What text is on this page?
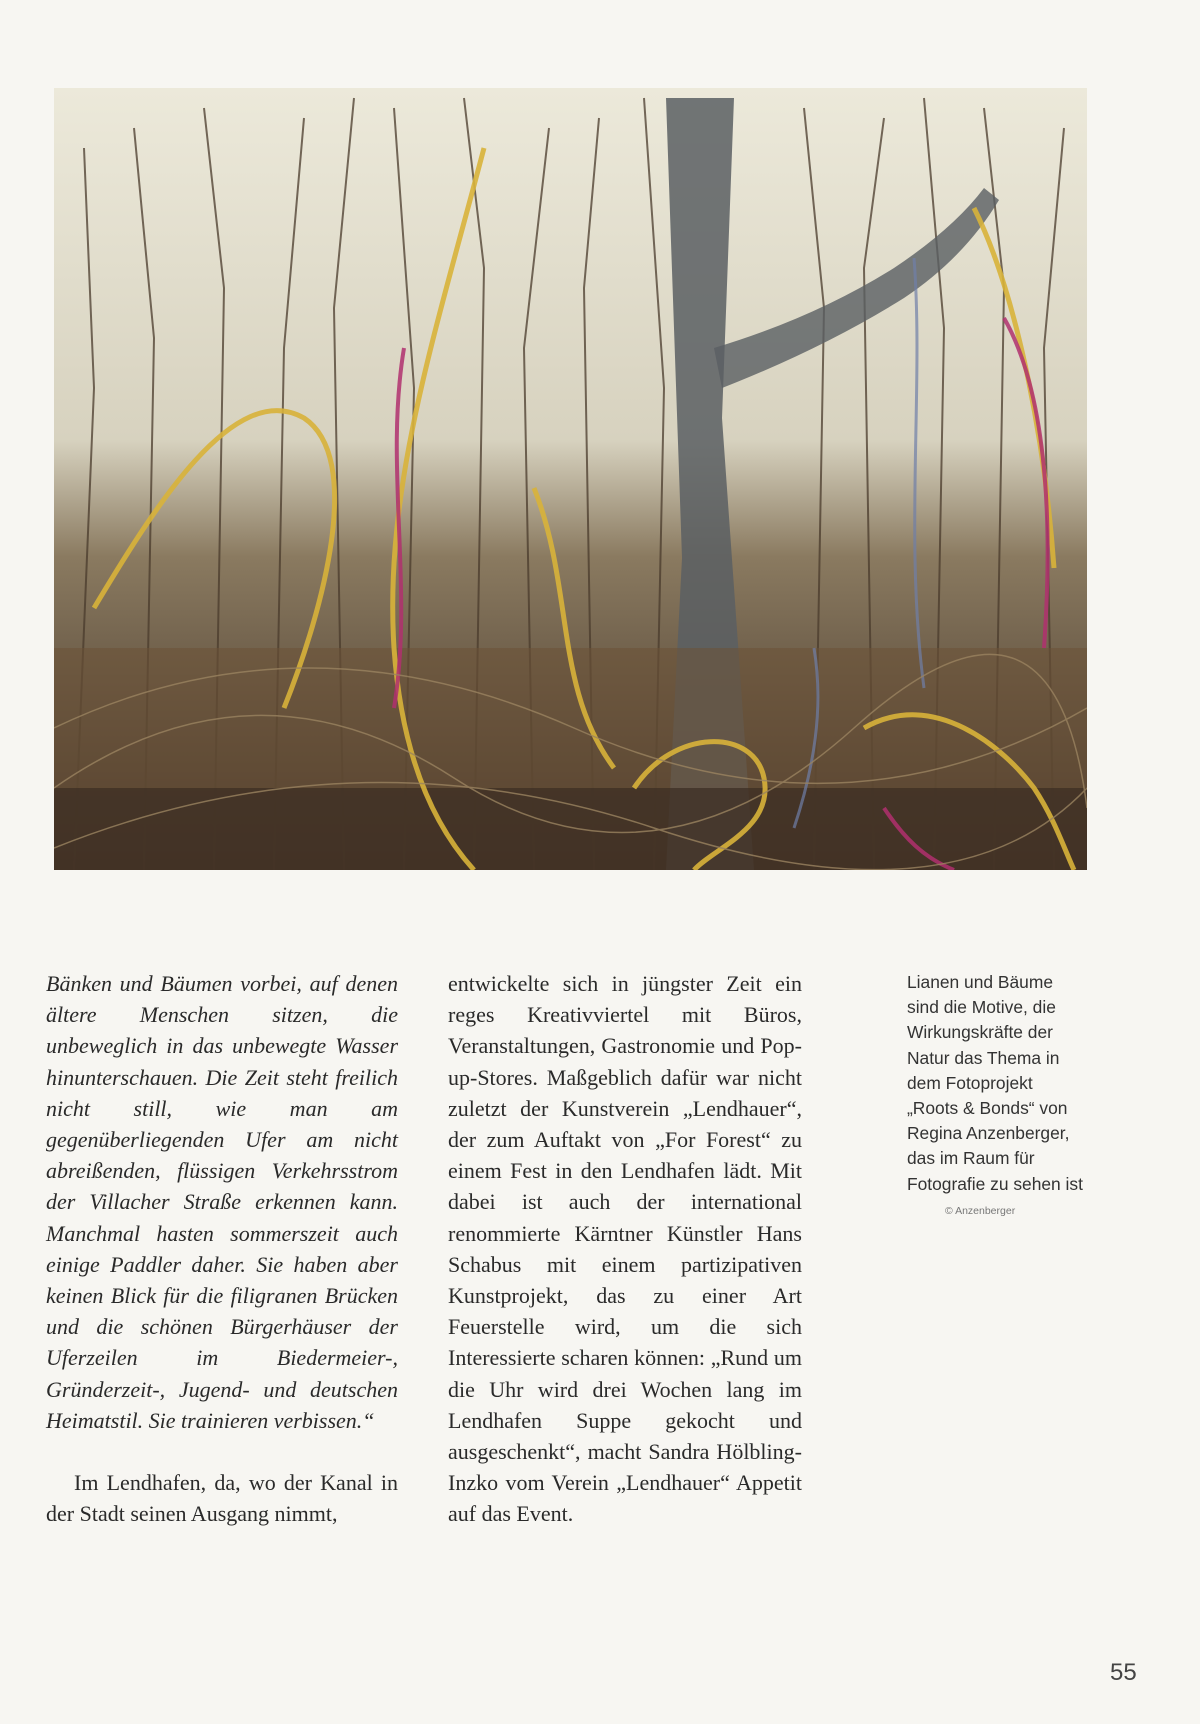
Bänken und Bäumen vorbei, auf denen ältere Menschen sitzen, die unbeweglich in das unbewegte Wasser hinunterschauen. Die Zeit steht freilich nicht still, wie man am gegenüberliegenden Ufer am nicht abreißenden, flüssigen Verkehrsstrom der Villacher Straße erkennen kann. Manchmal hasten sommerszeit auch einige Paddler daher. Sie haben aber keinen Blick für die filigranen Brücken und die schönen Bürgerhäuser der Uferzeilen im Biedermeier-, Gründerzeit-, Jugend- und deutschen Heimatstil. Sie trainieren verbissen.“

Im Lendhafen, da, wo der Kanal in der Stadt seinen Ausgang nimmt,

entwickelte sich in jüngster Zeit ein reges Kreativviertel mit Büros, Veranstaltungen, Gastronomie und Pop-up-Stores. Maßgeblich dafür war nicht zuletzt der Kunstverein „Lendhauer“, der zum Auftakt von „For Forest“ zu einem Fest in den Lendhafen lädt. Mit dabei ist auch der international renommierte Kärntner Künstler Hans Schabus mit einem partizipativen Kunstprojekt, das zu einer Art Feuerstelle wird, um die sich Interessierte scharen können: „Rund um die Uhr wird drei Wochen lang im Lendhafen Suppe gekocht und ausgeschenkt“, macht Sandra Hölbling-Inzko vom Verein „Lendhauer“ Appetit auf das Event.

Lianen und Bäume sind die Motive, die Wirkungskräfte der Natur das Thema in dem Fotoprojekt „Roots & Bonds“ von Regina Anzenberger, das im Raum für Fotografie zu sehen ist © Anzenberger
55
